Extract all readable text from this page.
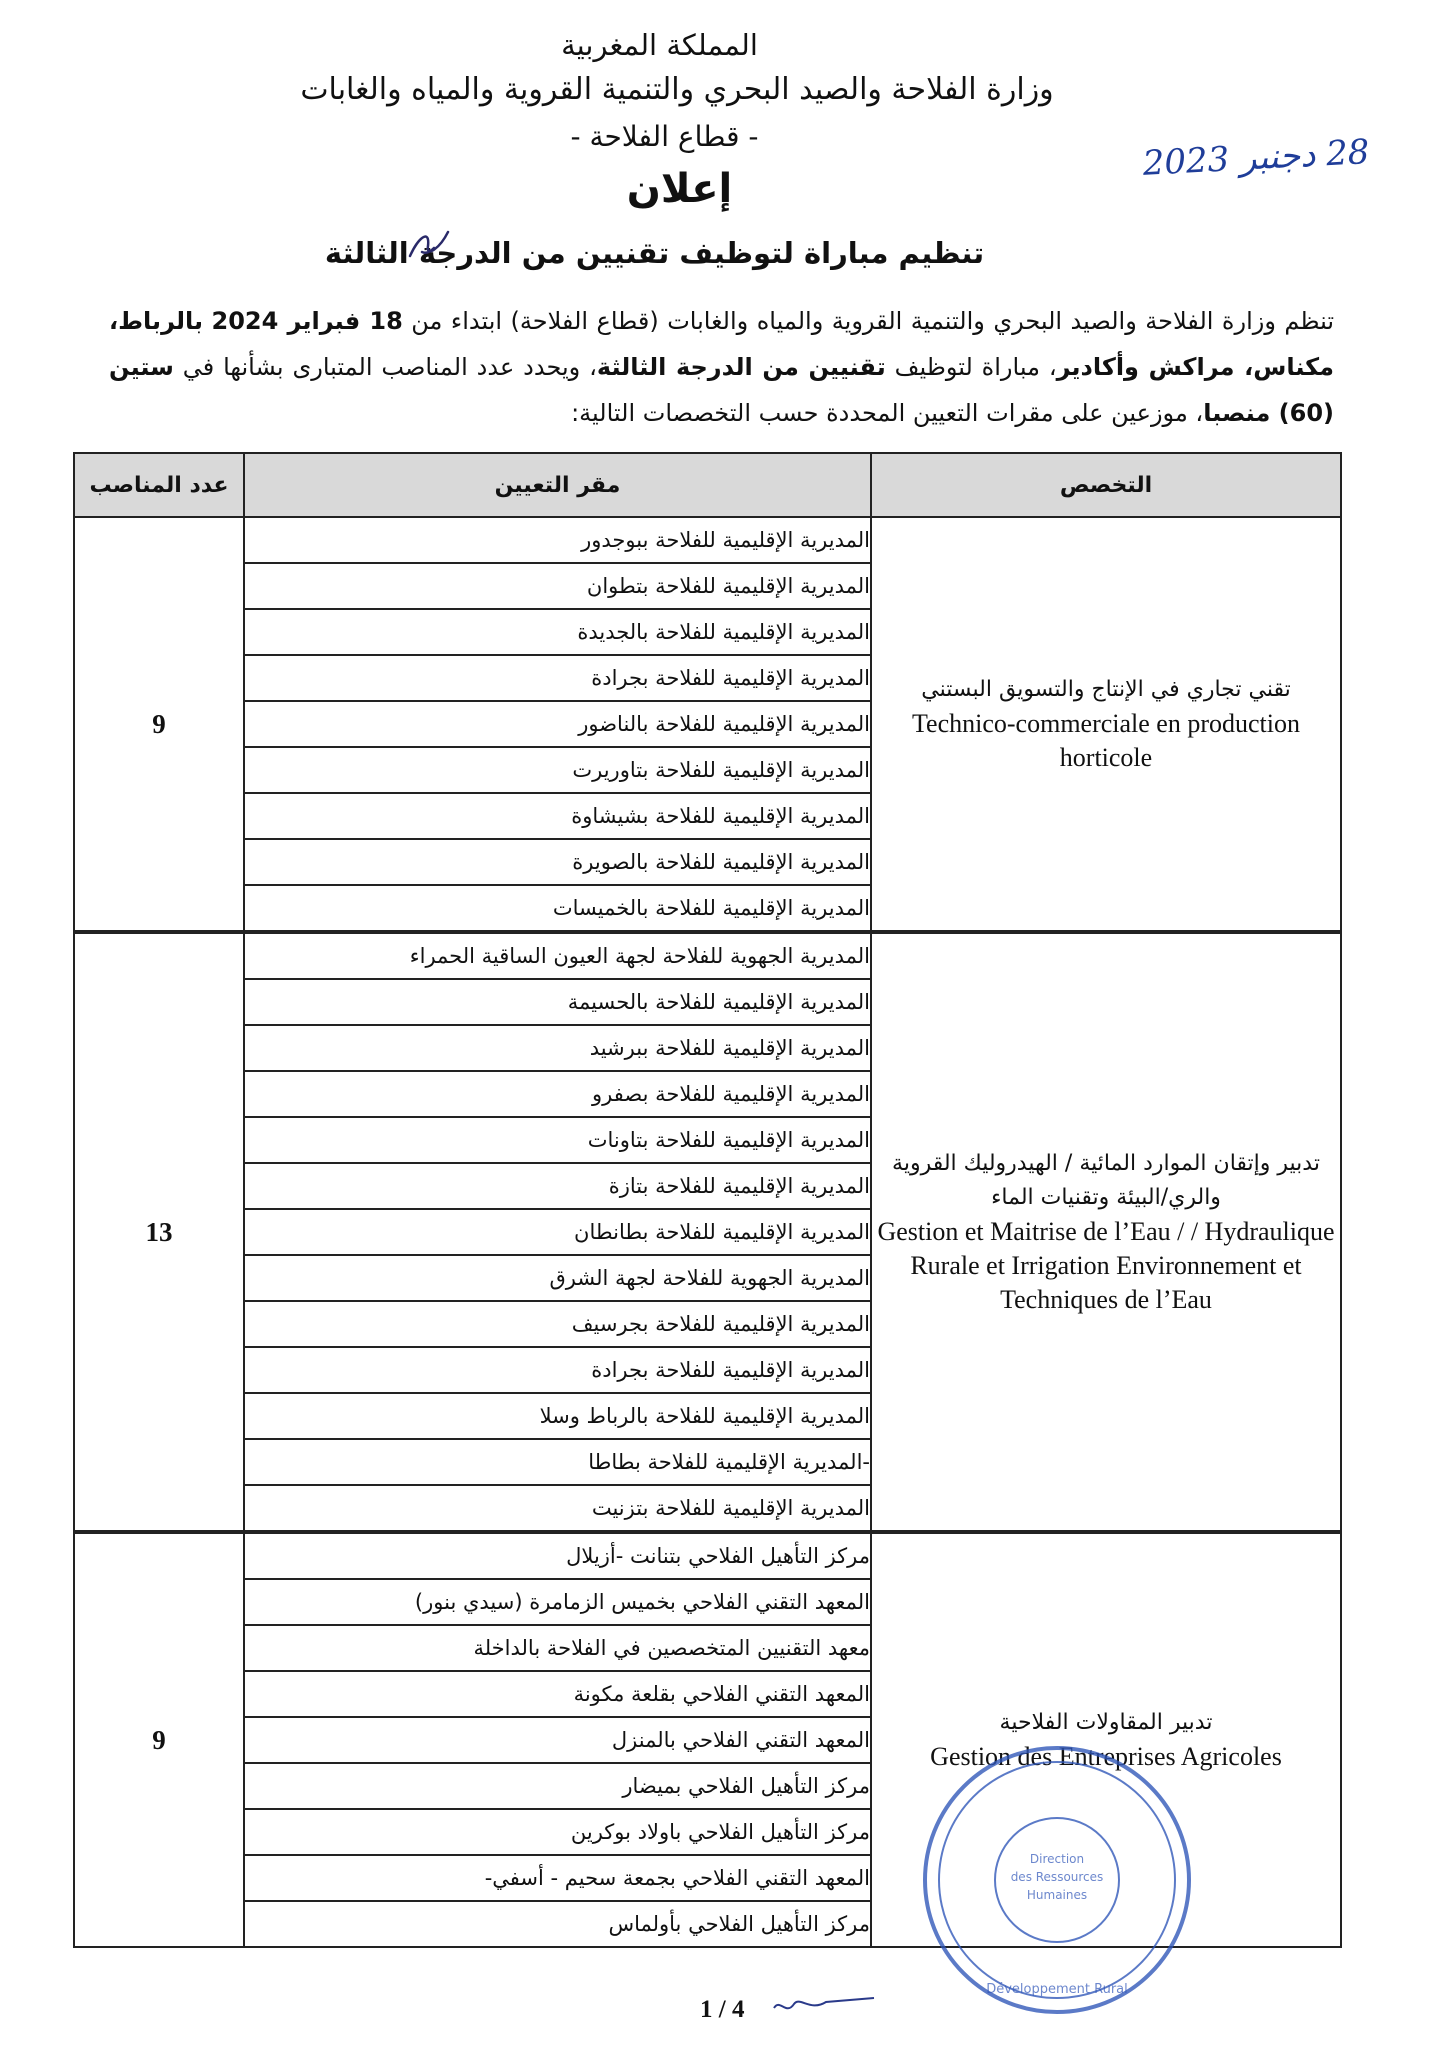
المملكة المغربية
وزارة الفلاحة والصيد البحري والتنمية القروية والمياه والغابات
- قطاع الفلاحة -
إعلان
28 دجنبر 2023
تنظيم مباراة لتوظيف تقنيين من الدرجة الثالثة
تنظم وزارة الفلاحة والصيد البحري والتنمية القروية والمياه والغابات (قطاع الفلاحة) ابتداء من 18 فبراير 2024 بالرباط، مكناس، مراكش وأكادير، مباراة لتوظيف تقنيين من الدرجة الثالثة، ويحدد عدد المناصب المتبارى بشأنها في ستين (60) منصبا، موزعين على مقرات التعيين المحددة حسب التخصصات التالية:
التخصص	مقر التعيين	عدد المناصب

تقني تجاري في الإنتاج والتسويق البستني
Technico-commerciale en production horticole	المديرية الإقليمية للفلاحة ببوجدور	9
	المديرية الإقليمية للفلاحة بتطوان	
	المديرية الإقليمية للفلاحة بالجديدة	
	المديرية الإقليمية للفلاحة بجرادة	
	المديرية الإقليمية للفلاحة بالناضور	
	المديرية الإقليمية للفلاحة بتاوريرت	
	المديرية الإقليمية للفلاحة بشيشاوة	
	المديرية الإقليمية للفلاحة بالصويرة	
	المديرية الإقليمية للفلاحة بالخميسات	

تدبير وإتقان الموارد المائية / الهيدروليك القروية والري/البيئة وتقنيات الماء
Gestion et Maitrise de l’Eau / / Hydraulique Rurale et Irrigation Environnement et Techniques de l’Eau	المديرية الجهوية للفلاحة لجهة العيون الساقية الحمراء	13
	المديرية الإقليمية للفلاحة بالحسيمة	
	المديرية الإقليمية للفلاحة ببرشيد	
	المديرية الإقليمية للفلاحة بصفرو	
	المديرية الإقليمية للفلاحة بتاونات	
	المديرية الإقليمية للفلاحة بتازة	
	المديرية الإقليمية للفلاحة بطانطان	
	المديرية الجهوية للفلاحة لجهة الشرق	
	المديرية الإقليمية للفلاحة بجرسيف	
	المديرية الإقليمية للفلاحة بجرادة	
	المديرية الإقليمية للفلاحة بالرباط وسلا	
	-المديرية الإقليمية للفلاحة بطاطا	
	المديرية الإقليمية للفلاحة بتزنيت	

تدبير المقاولات الفلاحية
Gestion des Entreprises Agricoles	مركز التأهيل الفلاحي بتنانت -أزيلال	9
	المعهد التقني الفلاحي بخميس الزمامرة (سيدي بنور)	
	معهد التقنيين المتخصصين في الفلاحة بالداخلة	
	المعهد التقني الفلاحي بقلعة مكونة	
	المعهد التقني الفلاحي بالمنزل	
	مركز التأهيل الفلاحي بميضار	
	مركز التأهيل الفلاحي باولاد بوكرين	
	المعهد التقني الفلاحي بجمعة سحيم - أسفي-	
	مركز التأهيل الفلاحي بأولماس	
Direction
des Ressources
Humaines
Développement Rural
1 / 4
